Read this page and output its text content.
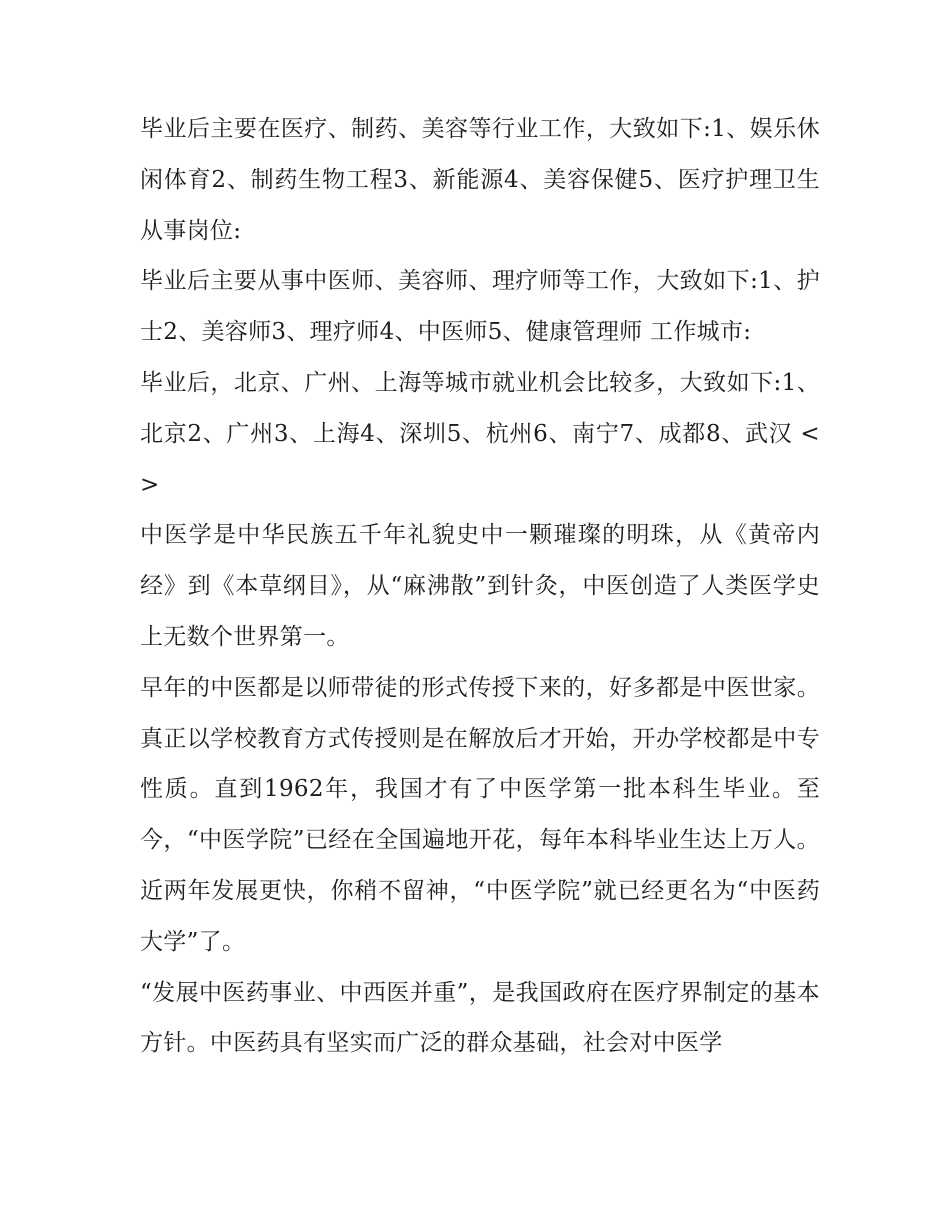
毕业后主要在医疗、制药、美容等行业工作，大致如下:1、娱乐休闲体育2、制药生物工程3、新能源4、美容保健5、医疗护理卫生 从事岗位:

毕业后主要从事中医师、美容师、理疗师等工作，大致如下:1、护士2、美容师3、理疗师4、中医师5、健康管理师 工作城市:

毕业后，北京、广州、上海等城市就业机会比较多，大致如下:1、北京2、广州3、上海4、深圳5、杭州6、南宁7、成都8、武汉 <>

中医学是中华民族五千年礼貌史中一颗璀璨的明珠，从《黄帝内经》到《本草纲目》，从“麻沸散”到针灸，中医创造了人类医学史上无数个世界第一。

早年的中医都是以师带徒的形式传授下来的，好多都是中医世家。真正以学校教育方式传授则是在解放后才开始，开办学校都是中专性质。直到1962年，我国才有了中医学第一批本科生毕业。至今，“中医学院”已经在全国遍地开花，每年本科毕业生达上万人。近两年发展更快，你稍不留神，“中医学院”就已经更名为“中医药大学”了。

“发展中医药事业、中西医并重”，是我国政府在医疗界制定的基本方针。中医药具有坚实而广泛的群众基础，社会对中医学
